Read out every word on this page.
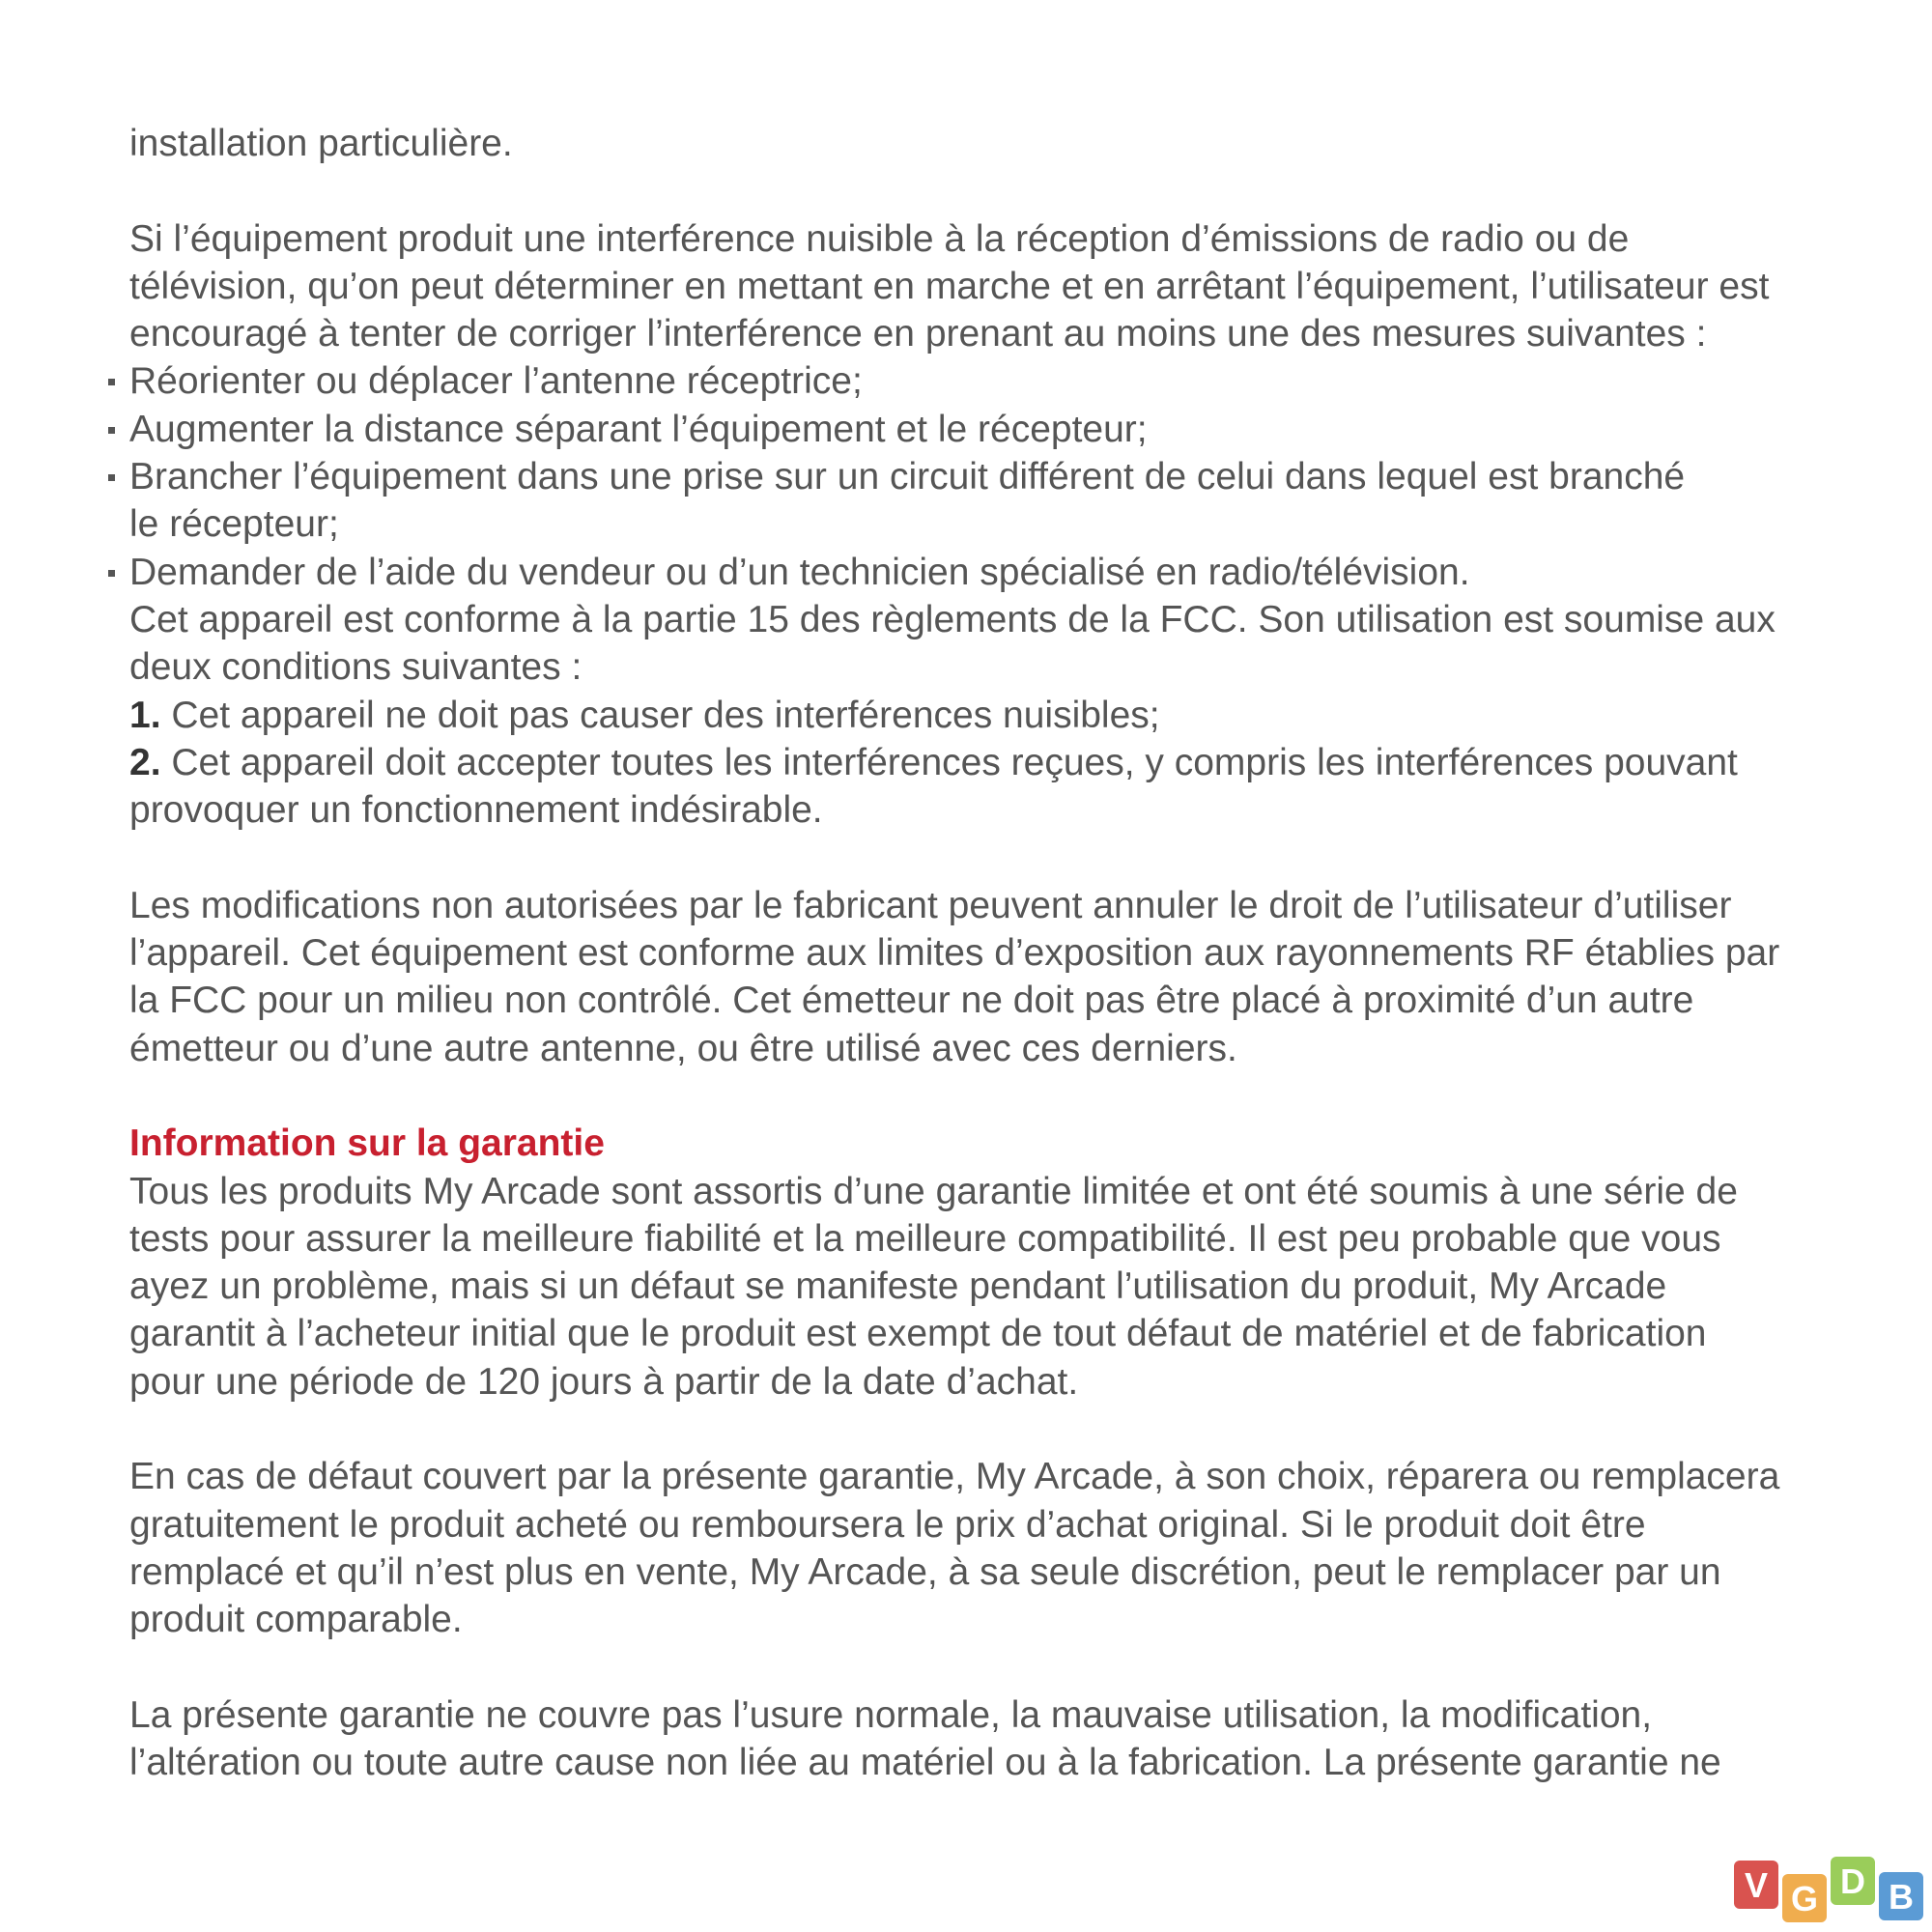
installation particulière.
Si l’équipement produit une interférence nuisible à la réception d’émissions de radio ou de
télévision, qu’on peut déterminer en mettant en marche et en arrêtant l’équipement, l’utilisateur est
encouragé à tenter de corriger l’interférence en prenant au moins une des mesures suivantes :
Réorienter ou déplacer l’antenne réceptrice;
Augmenter la distance séparant l’équipement et le récepteur;
Brancher l’équipement dans une prise sur un circuit différent de celui dans lequel est branché
le récepteur;
Demander de l’aide du vendeur ou d’un technicien spécialisé en radio/télévision.
Cet appareil est conforme à la partie 15 des règlements de la FCC. Son utilisation est soumise aux
deux conditions suivantes :
1. Cet appareil ne doit pas causer des interférences nuisibles;
2. Cet appareil doit accepter toutes les interférences reçues, y compris les interférences pouvant
provoquer un fonctionnement indésirable.
Les modifications non autorisées par le fabricant peuvent annuler le droit de l’utilisateur d’utiliser
l’appareil. Cet équipement est conforme aux limites d’exposition aux rayonnements RF établies par
la FCC pour un milieu non contrôlé. Cet émetteur ne doit pas être placé à proximité d’un autre
émetteur ou d’une autre antenne, ou être utilisé avec ces derniers.
Information sur la garantie
Tous les produits My Arcade sont assortis d’une garantie limitée et ont été soumis à une série de
tests pour assurer la meilleure fiabilité et la meilleure compatibilité. Il est peu probable que vous
ayez un problème, mais si un défaut se manifeste pendant l’utilisation du produit, My Arcade
garantit à l’acheteur initial que le produit est exempt de tout défaut de matériel et de fabrication
pour une période de 120 jours à partir de la date d’achat.
En cas de défaut couvert par la présente garantie, My Arcade, à son choix, réparera ou remplacera
gratuitement le produit acheté ou remboursera le prix d’achat original. Si le produit doit être
remplacé et qu’il n’est plus en vente, My Arcade, à sa seule discrétion, peut le remplacer par un
produit comparable.
La présente garantie ne couvre pas l’usure normale, la mauvaise utilisation, la modification,
l’altération ou toute autre cause non liée au matériel ou à la fabrication. La présente garantie ne
V G D B
